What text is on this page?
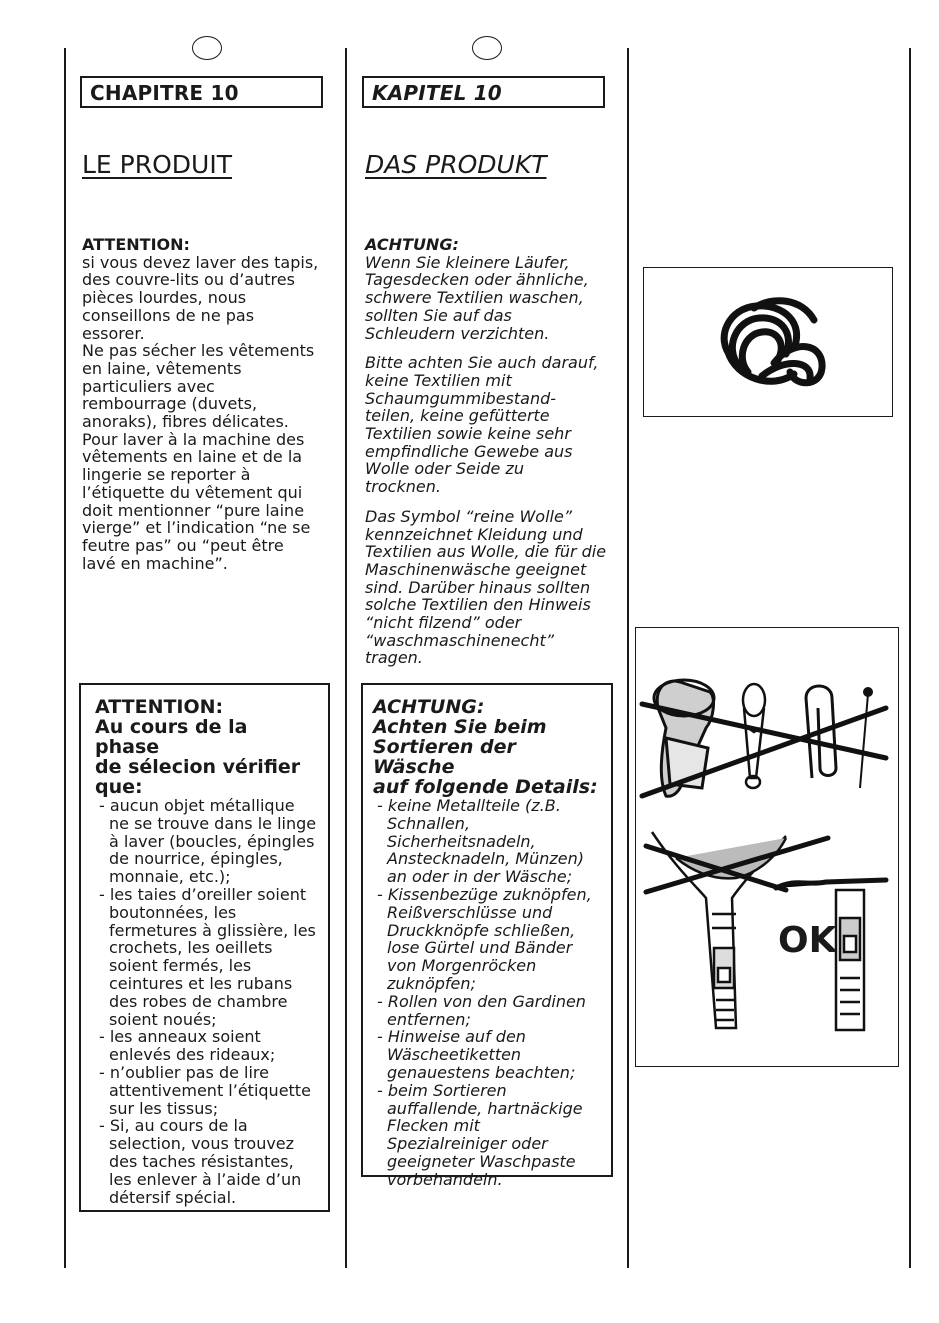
CHAPITRE 10
LE PRODUIT
ATTENTION:
si vous devez laver des tapis,
des couvre-lits ou d’autres
pièces lourdes, nous
conseillons de ne pas
essorer.
Ne pas sécher les vêtements
en laine, vêtements
particuliers avec
rembourrage (duvets,
anoraks), fibres délicates.
Pour laver à la machine des
vêtements en laine et de la
lingerie se reporter à
l’étiquette du vêtement qui
doit mentionner “pure laine
vierge” et l’indication “ne se
feutre pas” ou “peut être
lavé en machine”.
ATTENTION:
Au cours de la phase
de sélecion vérifier
que:
- aucun objet métallique ne se trouve dans le linge à laver (boucles, épingles de nourrice, épingles, monnaie, etc.);
- les taies d’oreiller soient boutonnées, les fermetures à glissière, les crochets, les oeillets soient fermés, les ceintures et les rubans des robes de chambre soient noués;
- les anneaux soient enlevés des rideaux;
- n’oublier pas de lire attentivement l’étiquette sur les tissus;
- Si, au cours de la selection, vous trouvez des taches résistantes, les enlever à l’aide d’un détersif spécial.
KAPITEL 10
DAS PRODUKT

ACHTUNG:
Wenn Sie kleinere Läufer,
Tagesdecken oder ähnliche,
schwere Textilien waschen,
sollten Sie auf das
Schleudern verzichten.

Bitte achten Sie auch darauf,
keine Textilien mit
Schaumgummibestand-
teilen, keine gefütterte
Textilien sowie keine sehr
empfindliche Gewebe aus
Wolle oder Seide zu
trocknen.

Das Symbol “reine Wolle”
kennzeichnet Kleidung und
Textilien aus Wolle, die für die
Maschinenwäsche geeignet
sind. Darüber hinaus sollten
solche Textilien den Hinweis
“nicht filzend” oder
“waschmaschinenecht”
tragen.

ACHTUNG:
Achten Sie beim
Sortieren der Wäsche
auf folgende Details:
- keine Metallteile (z.B. Schnallen, Sicherheitsnadeln, Anstecknadeln, Münzen) an oder in der Wäsche;
- Kissenbezüge zuknöpfen, Reißverschlüsse und Druckknöpfe schließen, lose Gürtel und Bänder von Morgenröcken zuknöpfen;
- Rollen von den Gardinen entfernen;
- Hinweise auf den Wäscheetiketten genauestens beachten;
- beim Sortieren auffallende, hartnäckige Flecken mit Spezialreiniger oder geeigneter Waschpaste vorbehandeln.
OK
